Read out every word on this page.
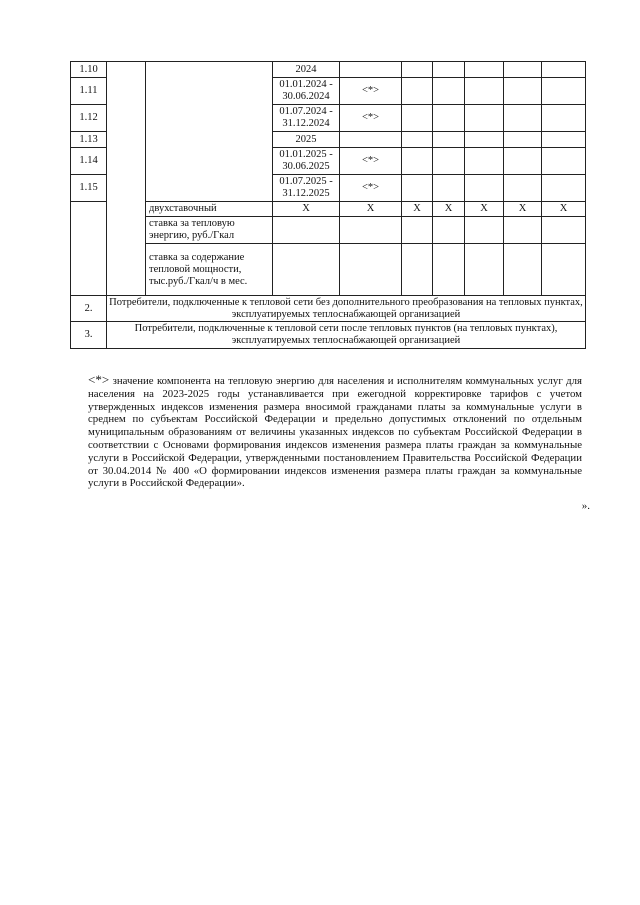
1.10			2024						
1.11			01.01.2024 - 30.06.2024	<*>					
1.12			01.07.2024 - 31.12.2024	<*>					
1.13			2025						
1.14			01.01.2025 - 30.06.2025	<*>					
1.15			01.07.2025 - 31.12.2025	<*>					
		двухставочный	X	X	X	X	X	X	X
		ставка за тепловую энергию, руб./Гкал							
		ставка за содержание тепловой мощности, тыс.руб./Гкал/ч в мес.							
2.	Потребители, подключенные к тепловой сети без дополнительного преобразования на тепловых пунктах, эксплуатируемых теплоснабжающей организацией								
3.	Потребители, подключенные к тепловой сети после тепловых пунктов (на тепловых пунктах), эксплуатируемых теплоснабжающей организацией								

<*> значение компонента на тепловую энергию для населения и исполнителям коммунальных услуг для населения на 2023-2025 годы устанавливается при ежегодной корректировке тарифов с учетом утвержденных индексов изменения размера вносимой гражданами платы за коммунальные услуги в среднем по субъектам Российской Федерации и предельно допустимых отклонений по отдельным муниципальным образованиям от величины указанных индексов по субъектам Российской Федерации в соответствии с Основами формирования индексов изменения размера платы граждан за коммунальные услуги в Российской Федерации, утвержденными постановлением Правительства Российской Федерации от 30.04.2014 № 400 «О формировании индексов изменения размера платы граждан за коммунальные услуги в Российской Федерации».

».
